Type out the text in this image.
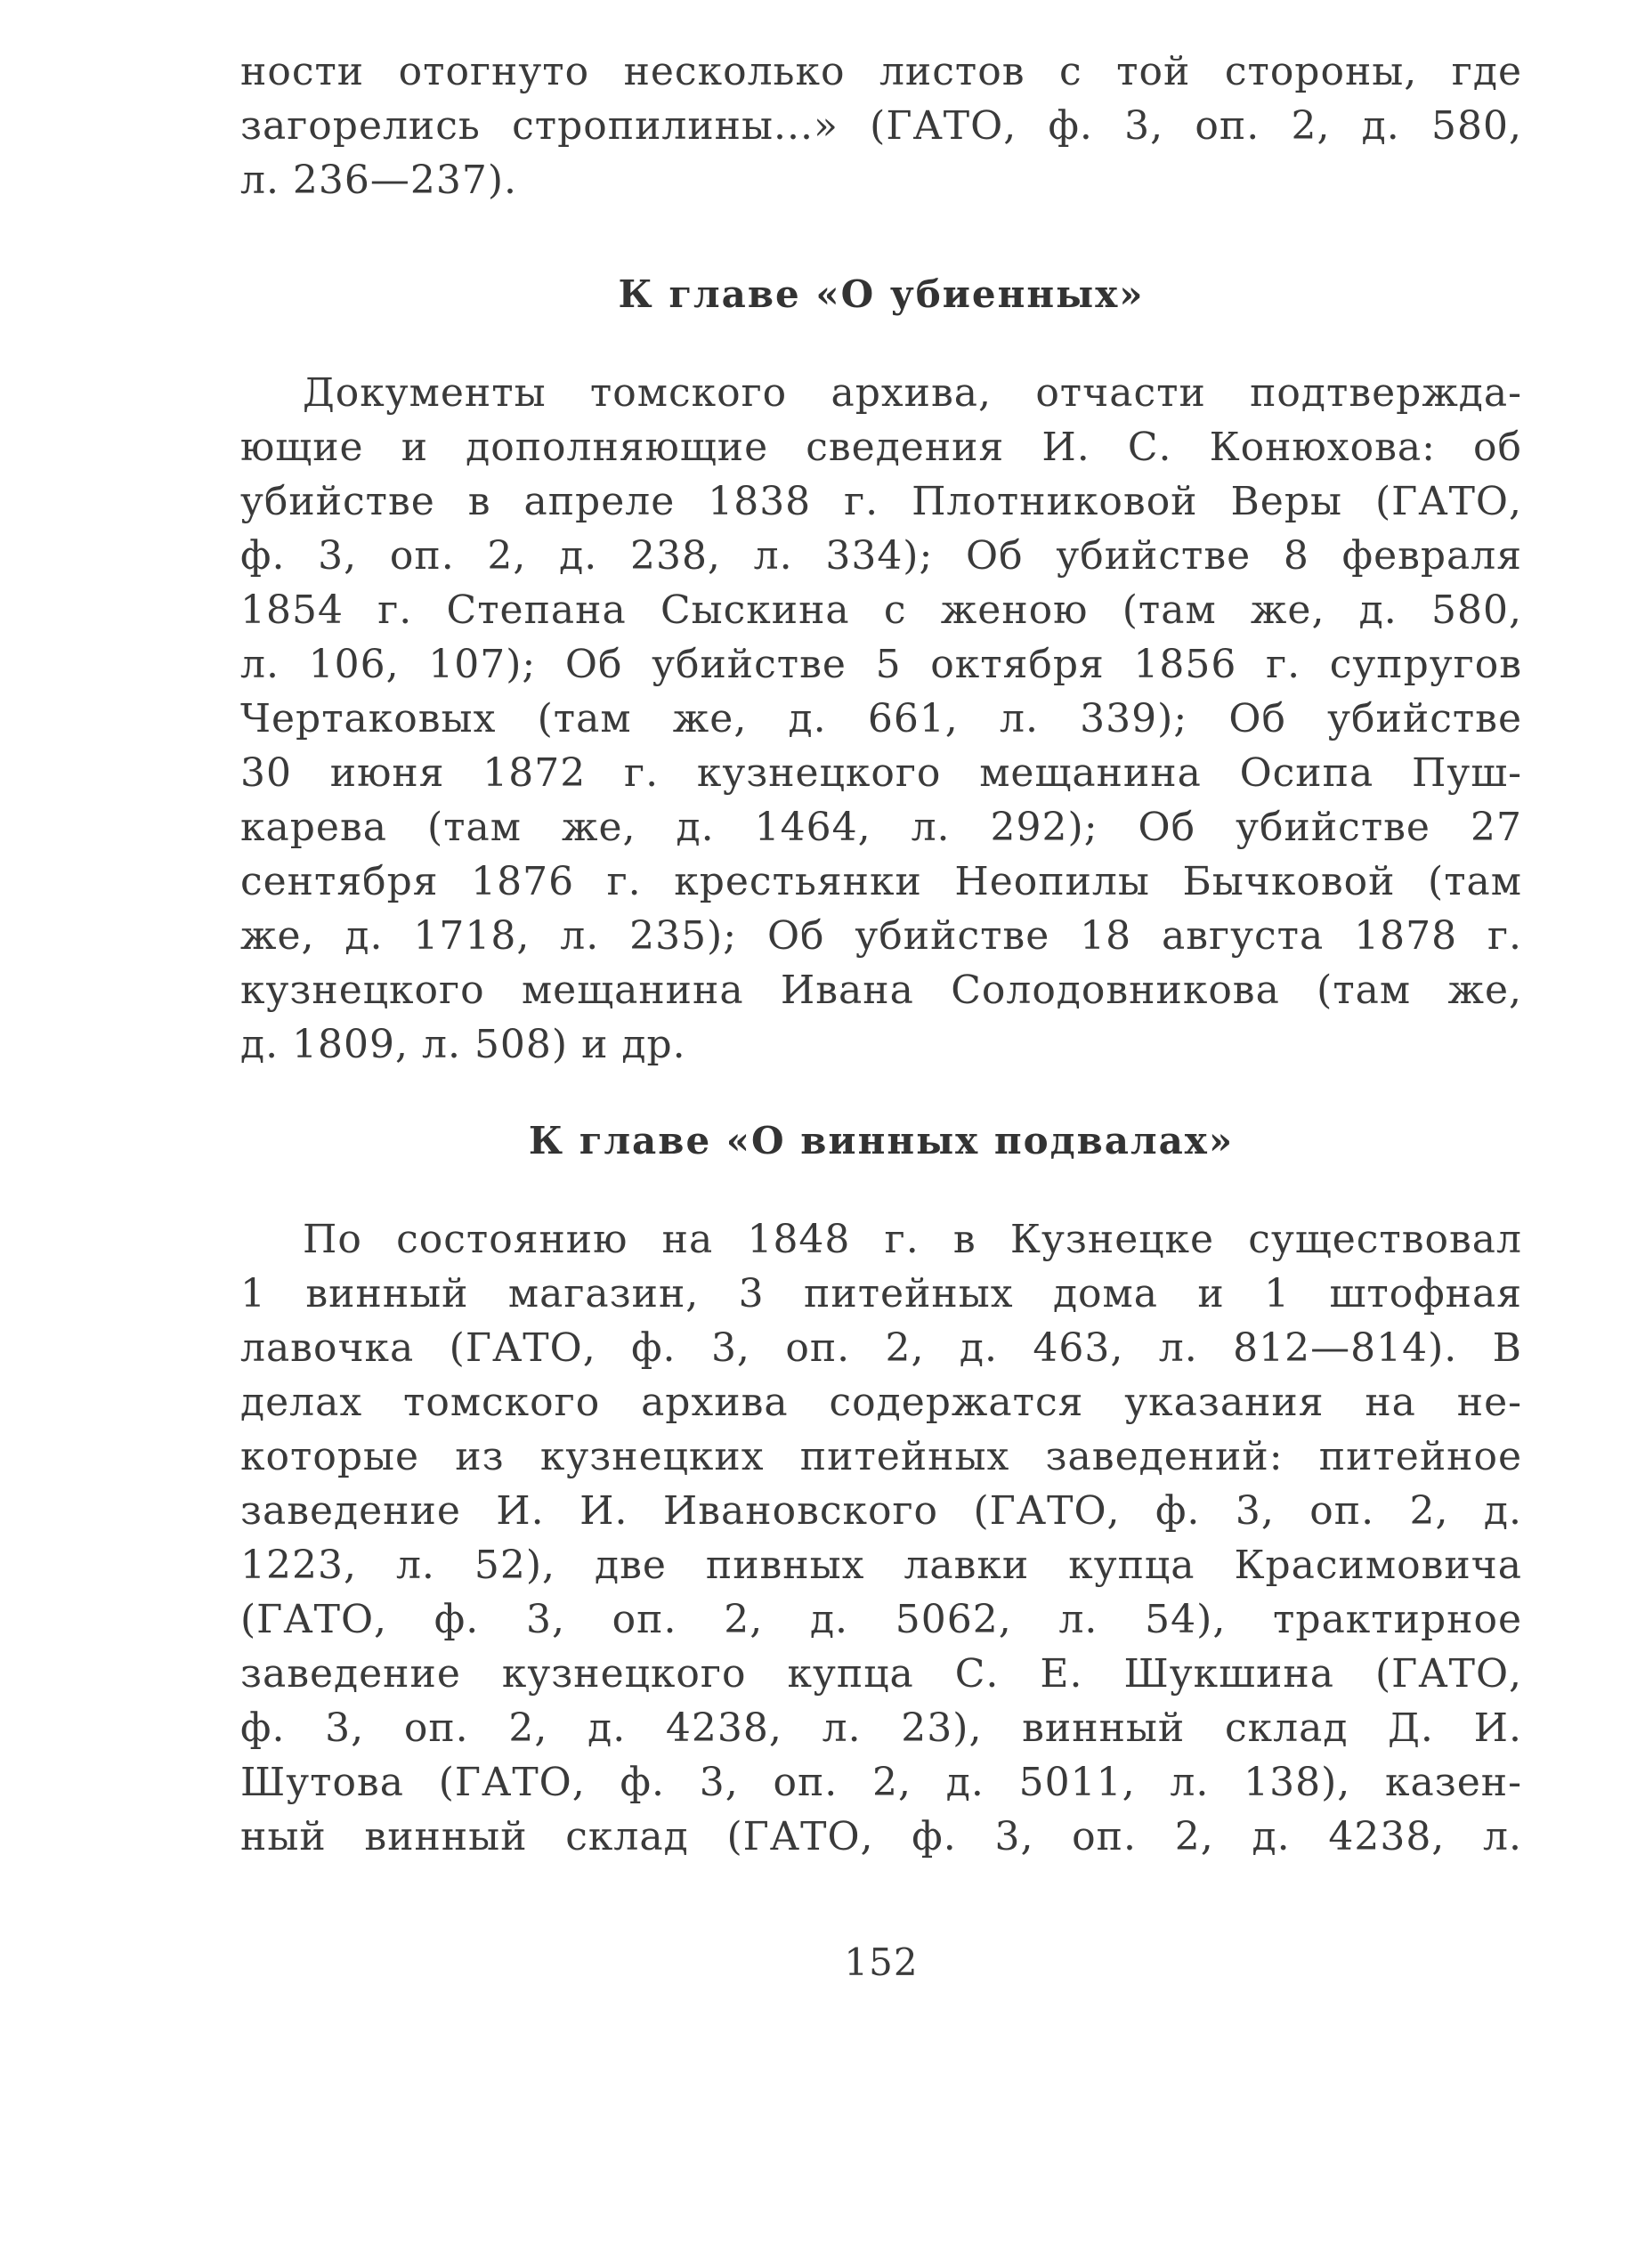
ности отогнуто несколько листов с той стороны, где
загорелись стропилины...» (ГАТО, ф. 3, оп. 2, д. 580,
л. 236—237).
К главе «О убиенных»
Документы томского архива, отчасти подтвержда-
ющие и дополняющие сведения И. С. Конюхова: об
убийстве в апреле 1838 г. Плотниковой Веры (ГАТО,
ф. 3, оп. 2, д. 238, л. 334); Об убийстве 8 февраля
1854 г. Степана Сыскина с женою (там же, д. 580,
л. 106, 107); Об убийстве 5 октября 1856 г. супругов
Чертаковых (там же, д. 661, л. 339); Об убийстве
30 июня 1872 г. кузнецкого мещанина Осипа Пуш-
карева (там же, д. 1464, л. 292); Об убийстве 27
сентября 1876 г. крестьянки Неопилы Бычковой (там
же, д. 1718, л. 235); Об убийстве 18 августа 1878 г.
кузнецкого мещанина Ивана Солодовникова (там же,
д. 1809, л. 508) и др.
К главе «О винных подвалах»
По состоянию на 1848 г. в Кузнецке существовал
1 винный магазин, 3 питейных дома и 1 штофная
лавочка (ГАТО, ф. 3, оп. 2, д. 463, л. 812—814). В
делах томского архива содержатся указания на не-
которые из кузнецких питейных заведений: питейное
заведение И. И. Ивановского (ГАТО, ф. 3, оп. 2, д.
1223, л. 52), две пивных лавки купца Красимовича
(ГАТО, ф. 3, оп. 2, д. 5062, л. 54), трактирное
заведение кузнецкого купца С. Е. Шукшина (ГАТО,
ф. 3, оп. 2, д. 4238, л. 23), винный склад Д. И.
Шутова (ГАТО, ф. 3, оп. 2, д. 5011, л. 138), казен-
ный винный склад (ГАТО, ф. 3, оп. 2, д. 4238, л.
152
